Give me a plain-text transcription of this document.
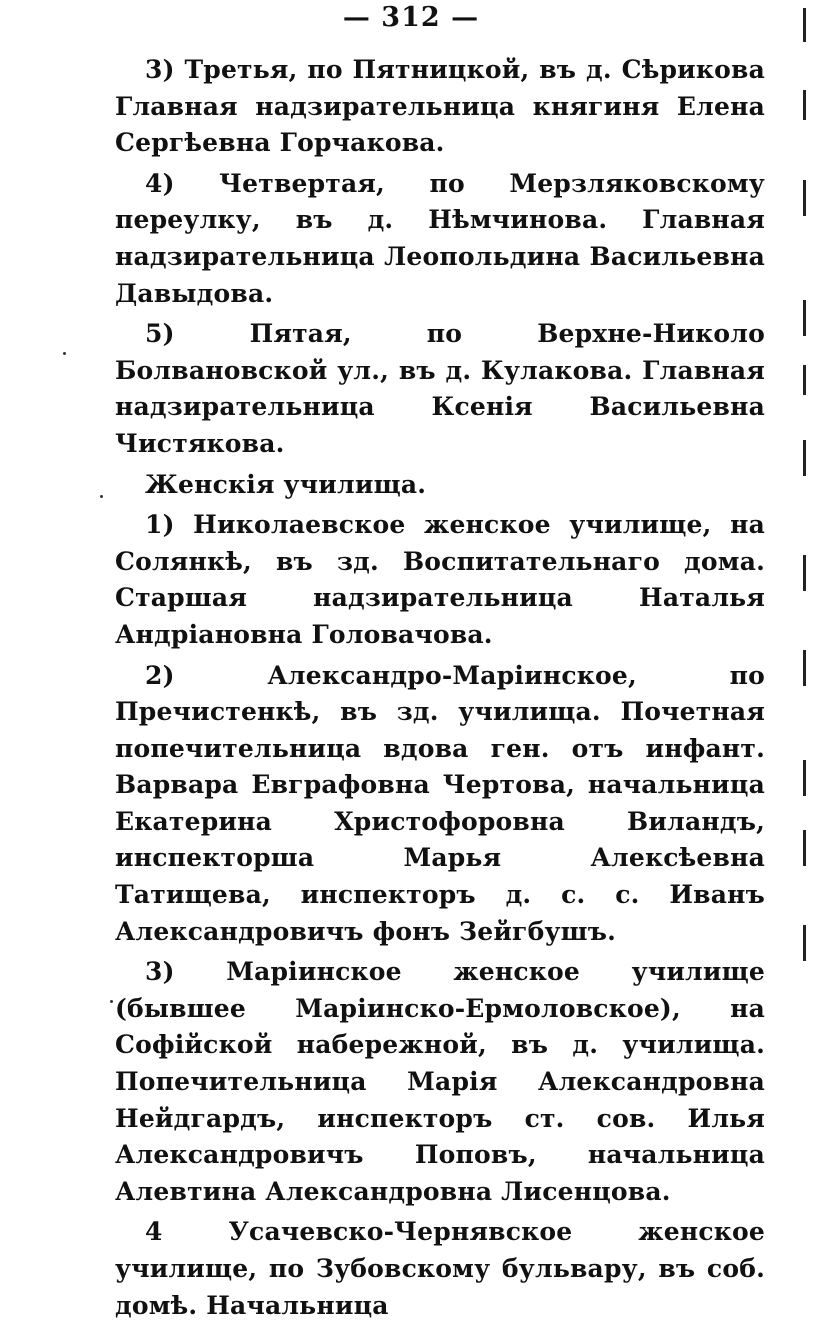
— 312 —

3) Третья, по Пятницкой, въ д. Сѣрикова Главная надзирательница княгиня Елена Сергѣевна Горчакова.

4) Четвертая, по Мерзляковскому переулку, въ д. Нѣмчинова. Главная надзирательница Леопольдина Васильевна Давыдова.

5) Пятая, по Верхне-Николо Болвановской ул., въ д. Кулакова. Главная надзирательница Ксенія Васильевна Чистякова.

Женскія училища.

1) Николаевское женское училище, на Солянкѣ, въ зд. Воспитательнаго дома. Старшая надзирательница Наталья Андріановна Головачова.

2) Александро-Маріинское, по Пречистенкѣ, въ зд. училища. Почетная попечительница вдова ген. отъ инфант. Варвара Евграфовна Чертова, начальница Екатерина Христофоровна Виландъ, инспекторша Марья Алексѣевна Татищева, инспекторъ д. с. с. Иванъ Александровичъ фонъ Зейгбушъ.

3) Маріинское женское училище (бывшее Маріинско-Ермоловское), на Софійской набережной, въ д. училища. Попечительница Марія Александровна Нейдгардъ, инспекторъ ст. сов. Илья Александровичъ Поповъ, начальница Алевтина Александровна Лисенцова.

4 Усачевско-Чернявское женское училище, по Зубовскому бульвару, въ соб. домѣ. Начальница
